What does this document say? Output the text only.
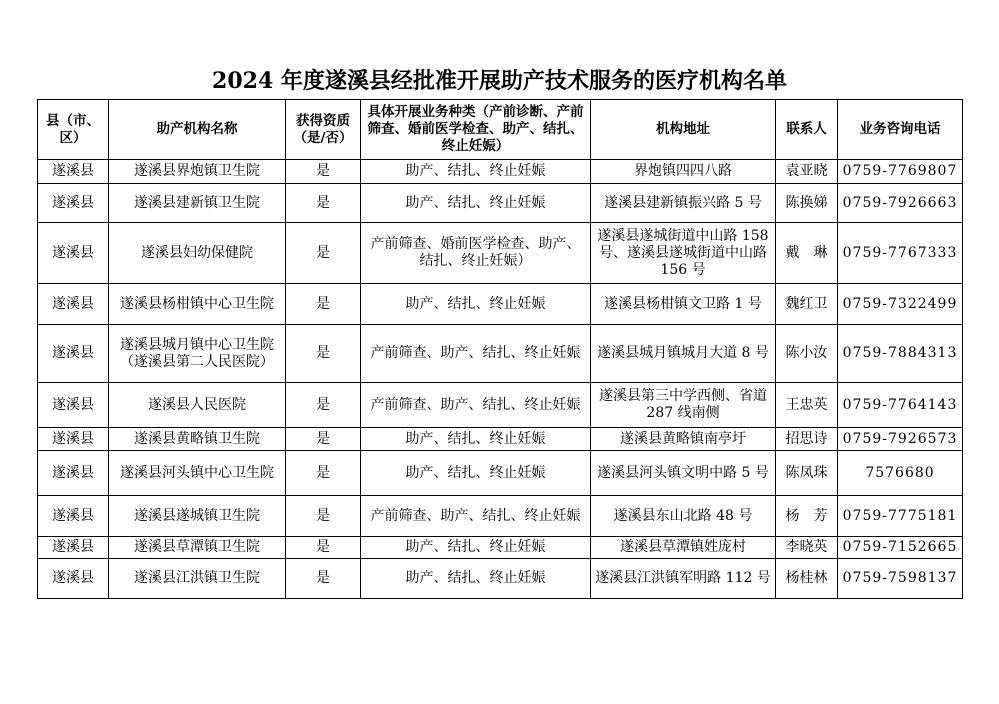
2024 年度遂溪县经批准开展助产技术服务的医疗机构名单
县（市、区）	助产机构名称	获得资质（是/否）	具体开展业务种类（产前诊断、产前筛查、婚前医学检查、助产、结扎、终止妊娠）	机构地址	联系人	业务咨询电话
遂溪县	遂溪县界炮镇卫生院	是	助产、结扎、终止妊娠	界炮镇四四八路	袁亚晓	0759-7769807
遂溪县	遂溪县建新镇卫生院	是	助产、结扎、终止妊娠	遂溪县建新镇振兴路 5 号	陈换娣	0759-7926663
遂溪县	遂溪县妇幼保健院	是	产前筛查、婚前医学检查、助产、结扎、终止妊娠）	遂溪县遂城街道中山路 158 号、遂溪县遂城街道中山路 156 号	戴　琳	0759-7767333
遂溪县	遂溪县杨柑镇中心卫生院	是	助产、结扎、终止妊娠	遂溪县杨柑镇文卫路 1 号	魏红卫	0759-7322499
遂溪县	遂溪县城月镇中心卫生院（遂溪县第二人民医院）	是	产前筛查、助产、结扎、终止妊娠	遂溪县城月镇城月大道 8 号	陈小汝	0759-7884313
遂溪县	遂溪县人民医院	是	产前筛查、助产、结扎、终止妊娠	遂溪县第三中学西侧、省道 287 线南侧	王忠英	0759-7764143
遂溪县	遂溪县黄略镇卫生院	是	助产、结扎、终止妊娠	遂溪县黄略镇南亭圩	招思诗	0759-7926573
遂溪县	遂溪县河头镇中心卫生院	是	助产、结扎、终止妊娠	遂溪县河头镇文明中路 5 号	陈凤珠	7576680
遂溪县	遂溪县遂城镇卫生院	是	产前筛查、助产、结扎、终止妊娠	遂溪县东山北路 48 号	杨　芳	0759-7775181
遂溪县	遂溪县草潭镇卫生院	是	助产、结扎、终止妊娠	遂溪县草潭镇姓庞村	李晓英	0759-7152665
遂溪县	遂溪县江洪镇卫生院	是	助产、结扎、终止妊娠	遂溪县江洪镇军明路 112 号	杨桂林	0759-7598137
